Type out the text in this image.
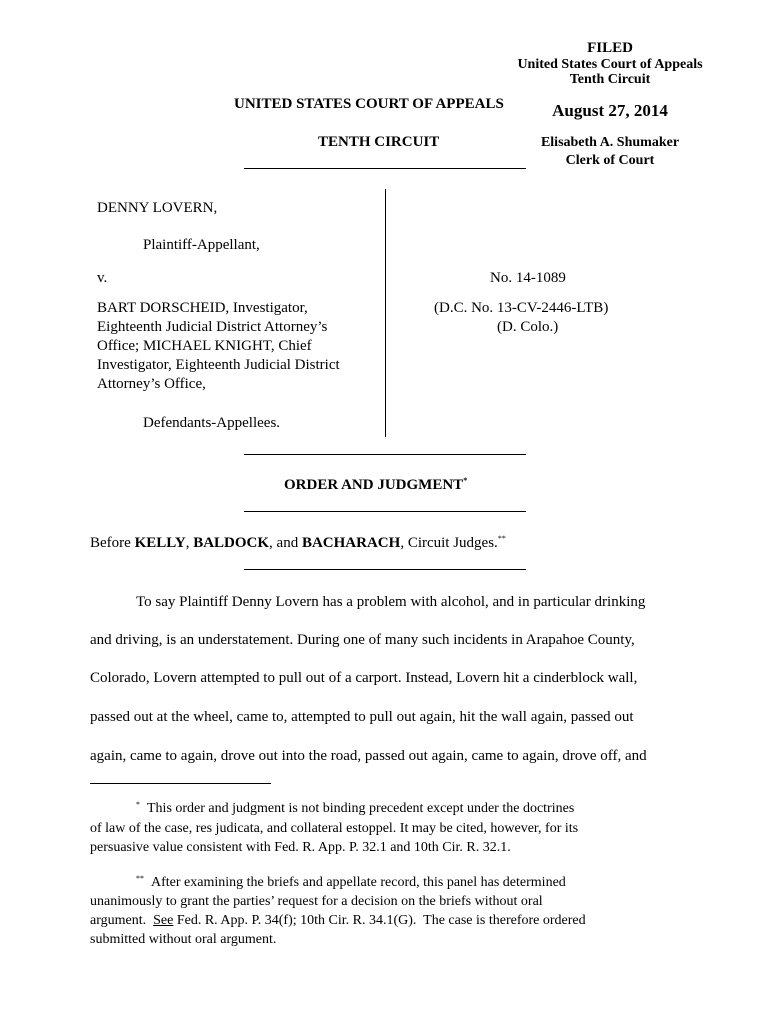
FILED
United States Court of Appeals
Tenth Circuit
August 27, 2014
Elisabeth A. Shumaker
Clerk of Court
UNITED STATES COURT OF APPEALS
TENTH CIRCUIT
DENNY LOVERN,
Plaintiff-Appellant,
v.
BART DORSCHEID, Investigator,
Eighteenth Judicial District Attorney’s
Office; MICHAEL KNIGHT, Chief
Investigator, Eighteenth Judicial District
Attorney’s Office,
Defendants-Appellees.
No. 14-1089
(D.C. No. 13-CV-2446-LTB)
(D. Colo.)
ORDER AND JUDGMENT*
Before KELLY, BALDOCK, and BACHARACH, Circuit Judges.**
To say Plaintiff Denny Lovern has a problem with alcohol, and in particular drinking
and driving, is an understatement. During one of many such incidents in Arapahoe County,
Colorado, Lovern attempted to pull out of a carport. Instead, Lovern hit a cinderblock wall,
passed out at the wheel, came to, attempted to pull out again, hit the wall again, passed out
again, came to again, drove out into the road, passed out again, came to again, drove off, and
* This order and judgment is not binding precedent except under the doctrines
of law of the case, res judicata, and collateral estoppel. It may be cited, however, for its
persuasive value consistent with Fed. R. App. P. 32.1 and 10th Cir. R. 32.1.
** After examining the briefs and appellate record, this panel has determined
unanimously to grant the parties’ request for a decision on the briefs without oral
argument.  See Fed. R. App. P. 34(f); 10th Cir. R. 34.1(G).  The case is therefore ordered
submitted without oral argument.
